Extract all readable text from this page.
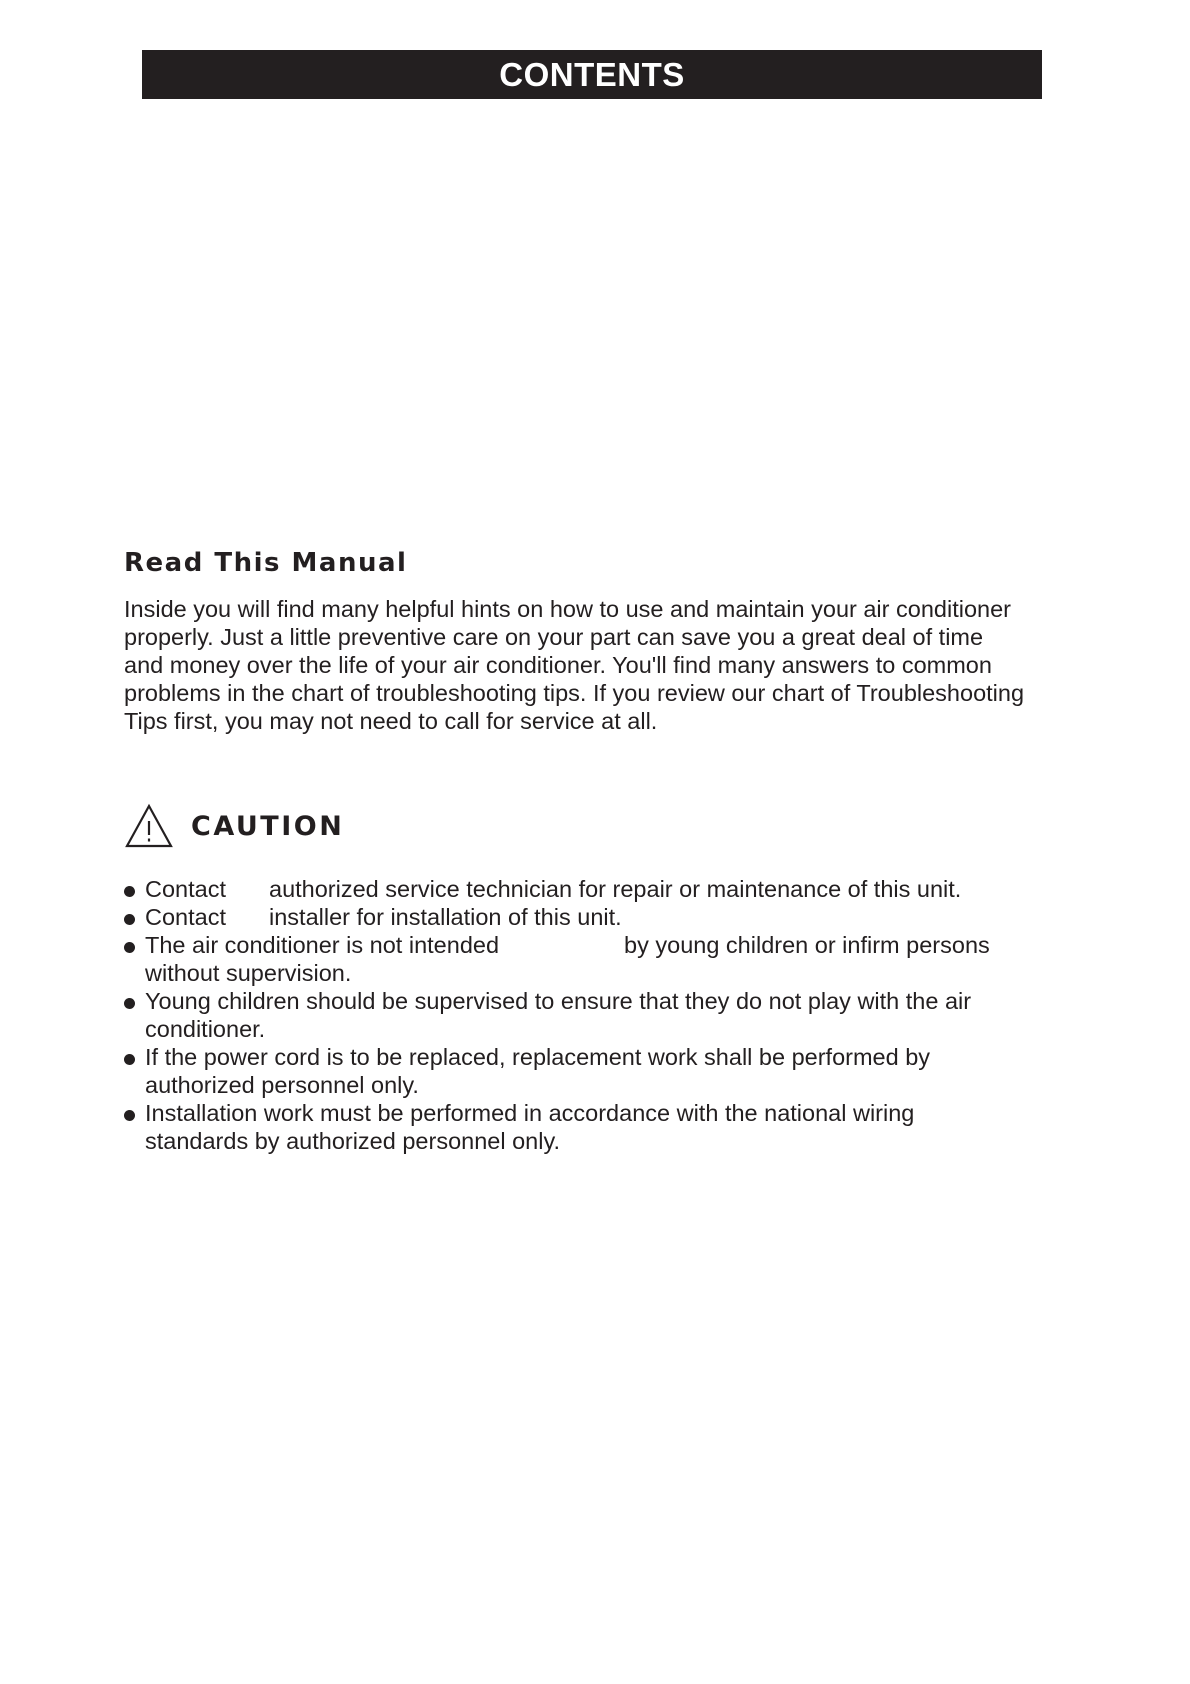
CONTENTS
Read This Manual

Inside you will find many helpful hints on how to use and maintain your air conditioner
properly. Just a little preventive care on your part can save you a great deal of time
and money over the life of your air conditioner. You'll find many answers to common
problems in the chart of troubleshooting tips. If you review our chart of Troubleshooting
Tips first, you may not need to call for service at all.

CAUTION
Contact authorized service technician for repair or maintenance of this unit.
Contact installer for installation of this unit.
The air conditioner is not intended	by young children or infirm persons
without supervision.
Young children should be supervised to ensure that they do not play with the air
conditioner.
If the power cord is to be replaced, replacement work shall be performed by
authorized personnel only.
Installation work must be performed in accordance with the national wiring
standards by authorized personnel only.
